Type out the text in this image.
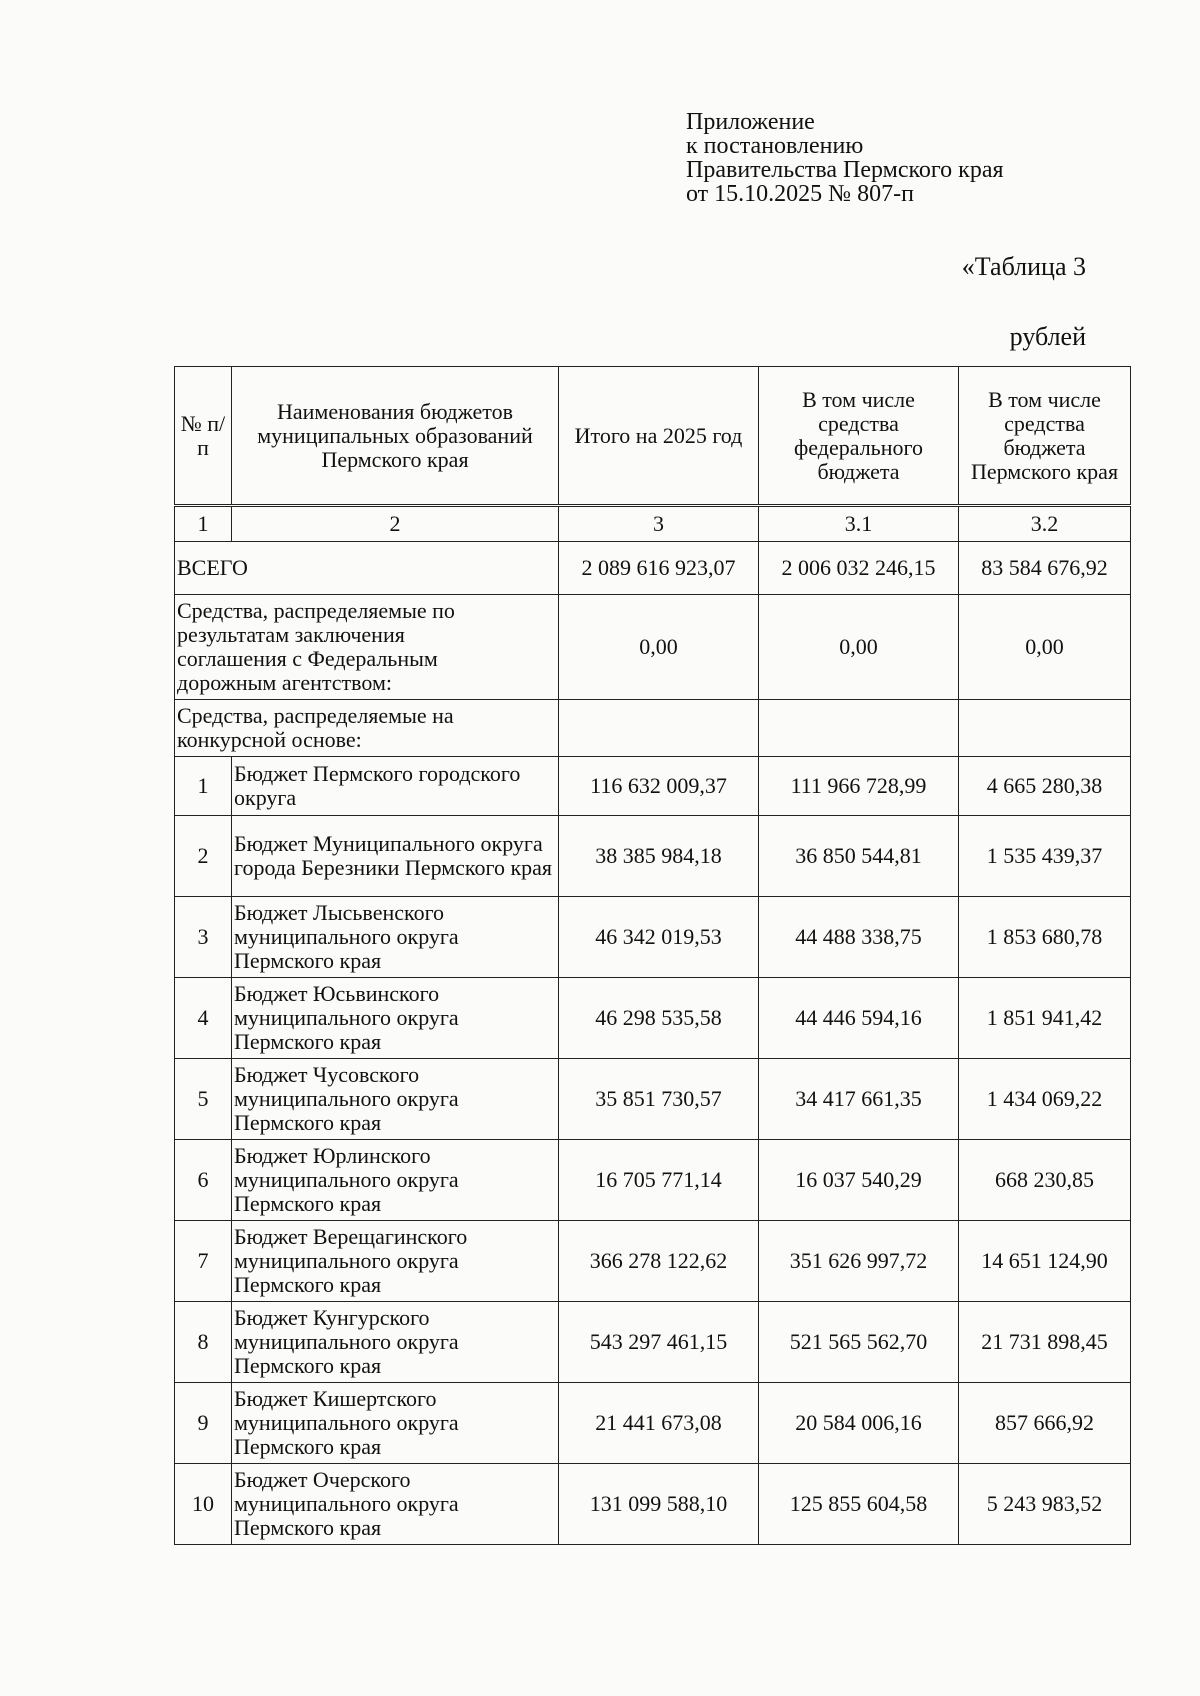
Приложение
к постановлению
Правительства Пермского края
от 15.10.2025 № 807-п
«Таблица 3
рублей
№ п/п	Наименования бюджетов муниципальных образований Пермского края	Итого на 2025 год	В том числе средства федерального бюджета	В том числе средства бюджета Пермского края
1	2	3	3.1	3.2
ВСЕГО		2 089 616 923,07	2 006 032 246,15	83 584 676,92

Средства, распределяемые по результатам заключения соглашения с Федеральным дорожным агентством:		0,00	0,00	0,00

Средства, распределяемые на конкурсной основе:				

1	Бюджет Пермского городского округа	116 632 009,37	111 966 728,99	4 665 280,38
2	Бюджет Муниципального округа города Березники Пермского края	38 385 984,18	36 850 544,81	1 535 439,37
3	Бюджет Лысьвенского муниципального округа Пермского края	46 342 019,53	44 488 338,75	1 853 680,78
4	Бюджет Юсьвинского муниципального округа Пермского края	46 298 535,58	44 446 594,16	1 851 941,42
5	Бюджет Чусовского муниципального округа Пермского края	35 851 730,57	34 417 661,35	1 434 069,22
6	Бюджет Юрлинского муниципального округа Пермского края	16 705 771,14	16 037 540,29	668 230,85
7	Бюджет Верещагинского муниципального округа Пермского края	366 278 122,62	351 626 997,72	14 651 124,90
8	Бюджет Кунгурского муниципального округа Пермского края	543 297 461,15	521 565 562,70	21 731 898,45
9	Бюджет Кишертского муниципального округа Пермского края	21 441 673,08	20 584 006,16	857 666,92
10	Бюджет Очерского муниципального округа Пермского края	131 099 588,10	125 855 604,58	5 243 983,52
